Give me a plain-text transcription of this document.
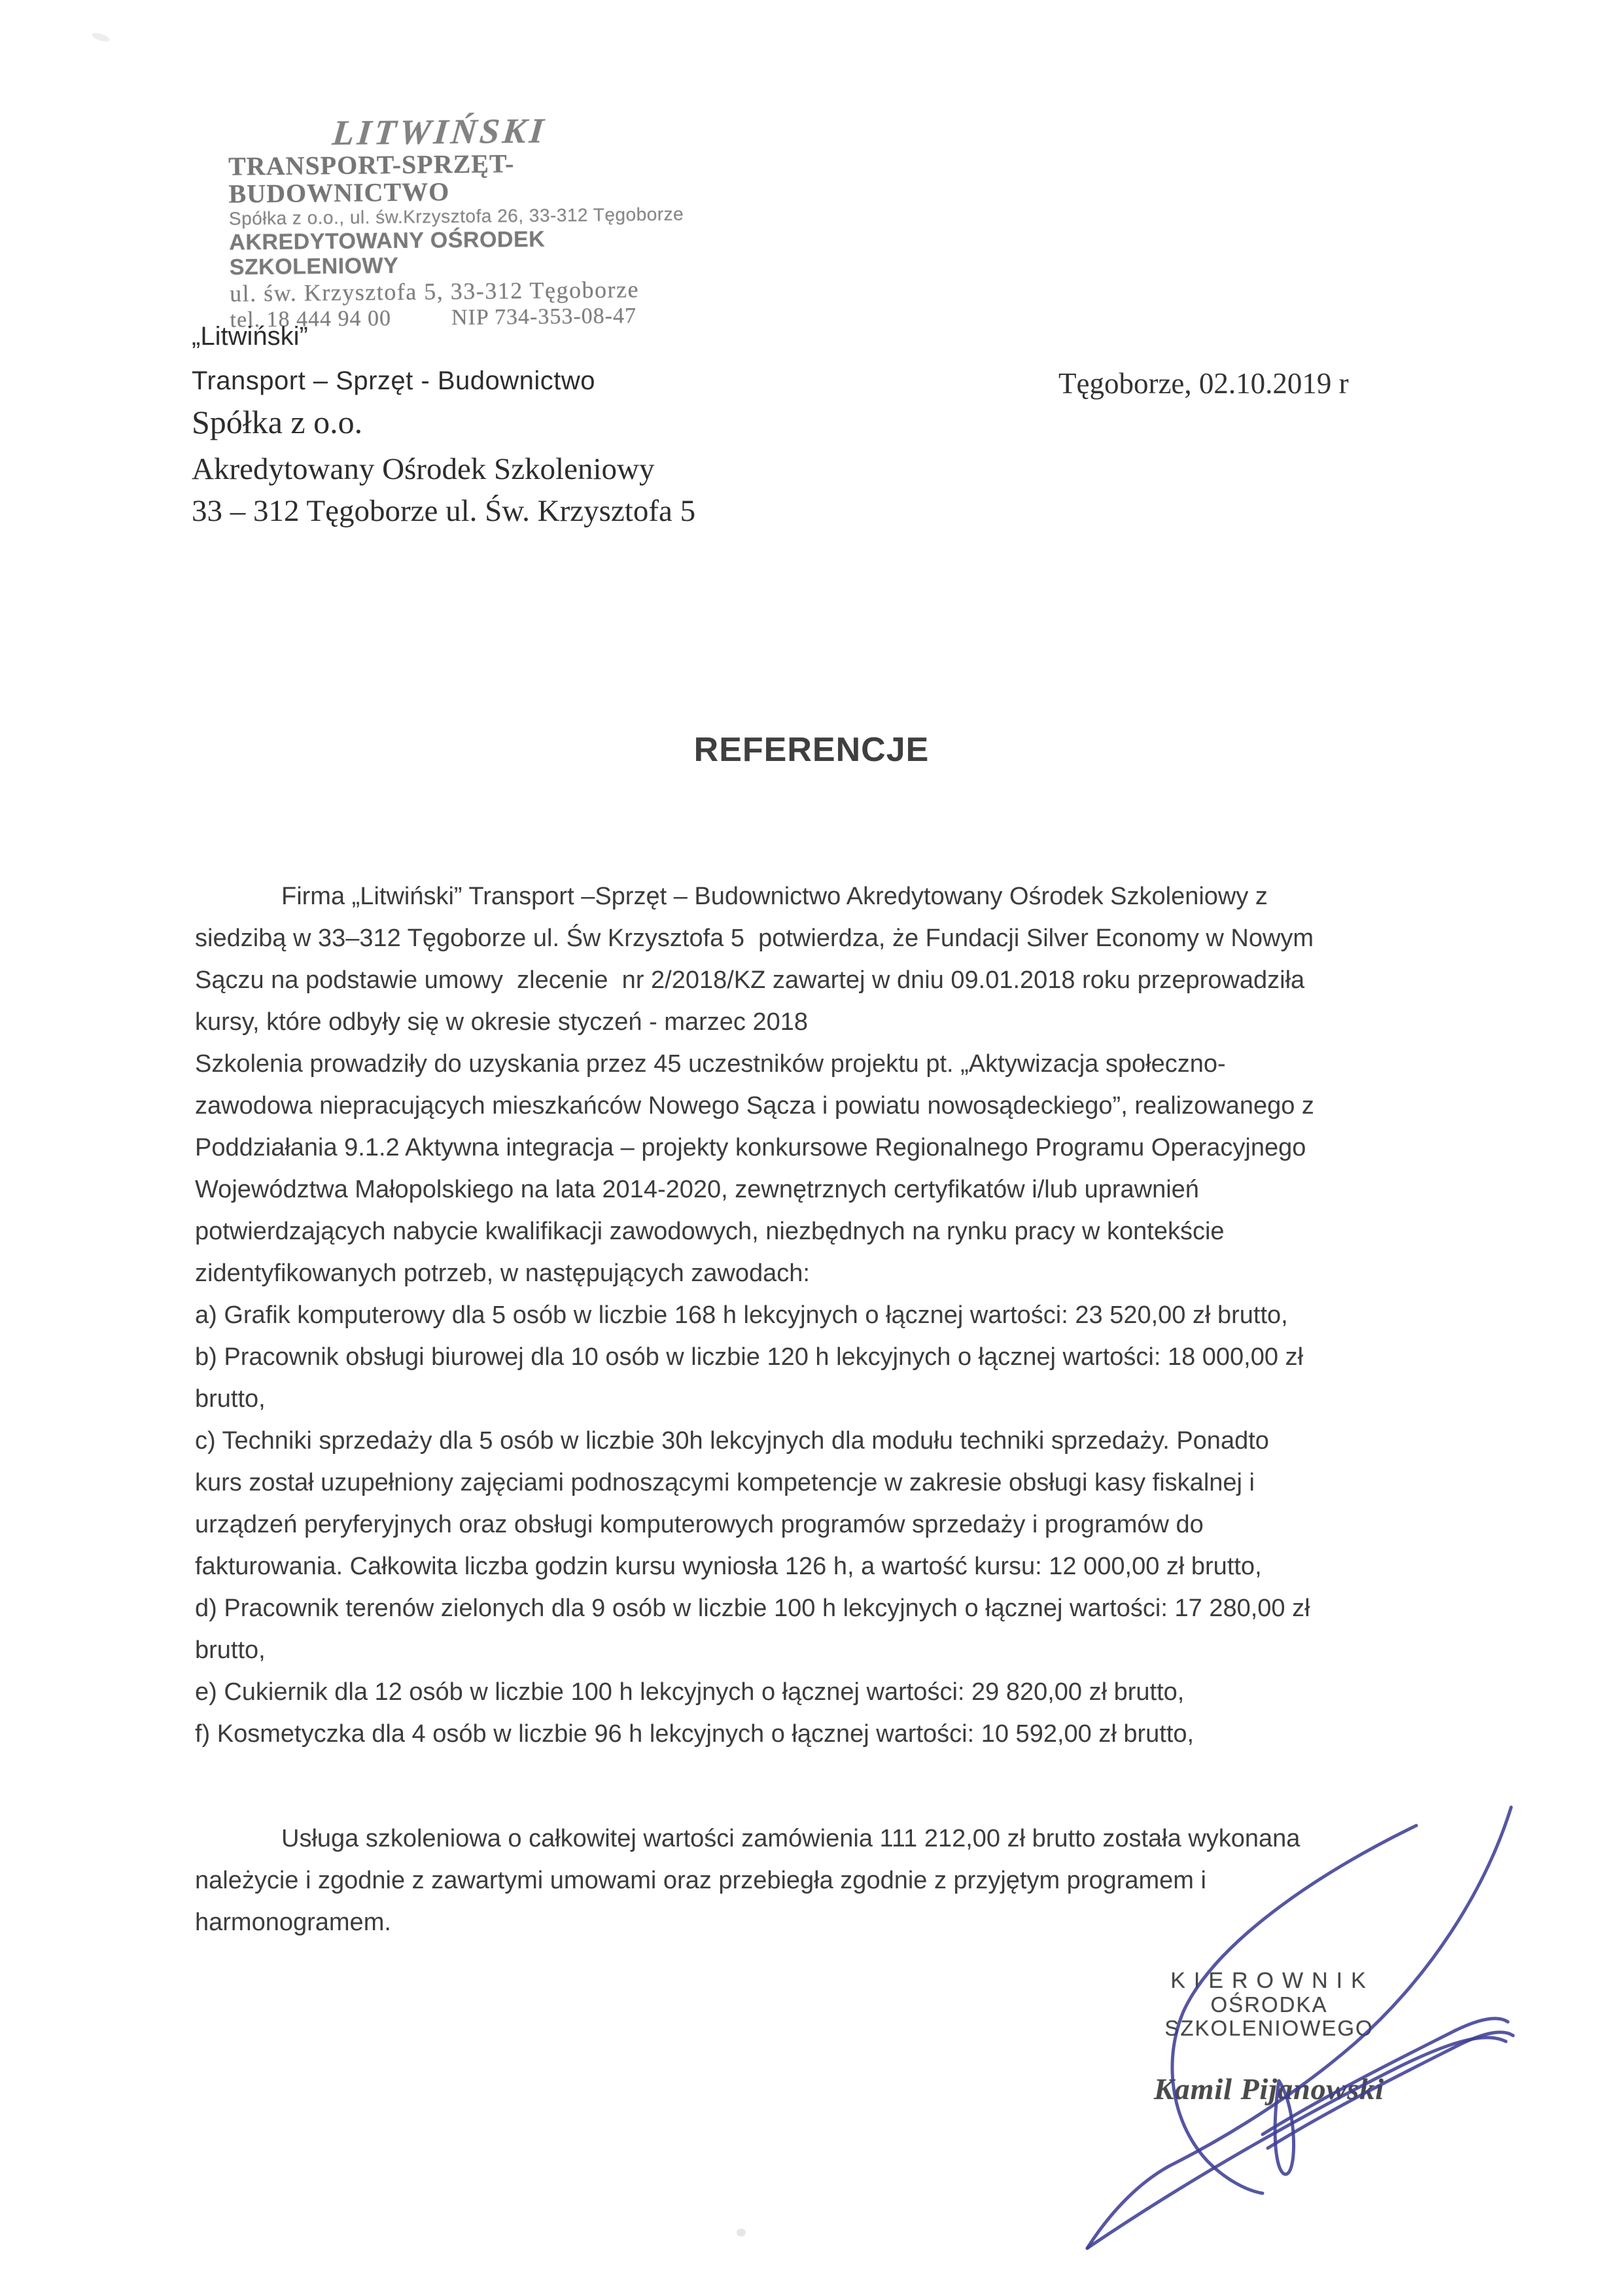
LITWIŃSKI
TRANSPORT-SPRZĘT-BUDOWNICTWO
Spółka z o.o., ul. św.Krzysztofa 26, 33-312 Tęgoborze
AKREDYTOWANY OŚRODEK SZKOLENIOWY
ul. św. Krzysztofa 5, 33-312 Tęgoborze
tel. 18 444 94 00	NIP 734-353-08-47
„Litwiński”
Transport – Sprzęt - Budownictwo
Spółka z o.o.
Akredytowany Ośrodek Szkoleniowy
33 – 312 Tęgoborze ul. Św. Krzysztofa 5
Tęgoborze, 02.10.2019 r
REFERENCJE
Firma „Litwiński” Transport –Sprzęt – Budownictwo Akredytowany Ośrodek Szkoleniowy z
siedzibą w 33–312 Tęgoborze ul. Św Krzysztofa 5  potwierdza, że Fundacji Silver Economy w Nowym
Sączu na podstawie umowy  zlecenie  nr 2/2018/KZ zawartej w dniu 09.01.2018 roku przeprowadziła
kursy, które odbyły się w okresie styczeń - marzec 2018
Szkolenia prowadziły do uzyskania przez 45 uczestników projektu pt. „Aktywizacja społeczno-
zawodowa niepracujących mieszkańców Nowego Sącza i powiatu nowosądeckiego”, realizowanego z
Poddziałania 9.1.2 Aktywna integracja – projekty konkursowe Regionalnego Programu Operacyjnego
Województwa Małopolskiego na lata 2014-2020, zewnętrznych certyfikatów i/lub uprawnień
potwierdzających nabycie kwalifikacji zawodowych, niezbędnych na rynku pracy w kontekście
zidentyfikowanych potrzeb, w następujących zawodach:
a) Grafik komputerowy dla 5 osób w liczbie 168 h lekcyjnych o łącznej wartości: 23 520,00 zł brutto,
b) Pracownik obsługi biurowej dla 10 osób w liczbie 120 h lekcyjnych o łącznej wartości: 18 000,00 zł
brutto,
c) Techniki sprzedaży dla 5 osób w liczbie 30h lekcyjnych dla modułu techniki sprzedaży. Ponadto
kurs został uzupełniony zajęciami podnoszącymi kompetencje w zakresie obsługi kasy fiskalnej i
urządzeń peryferyjnych oraz obsługi komputerowych programów sprzedaży i programów do
fakturowania. Całkowita liczba godzin kursu wyniosła 126 h, a wartość kursu: 12 000,00 zł brutto,
d) Pracownik terenów zielonych dla 9 osób w liczbie 100 h lekcyjnych o łącznej wartości: 17 280,00 zł
brutto,
e) Cukiernik dla 12 osób w liczbie 100 h lekcyjnych o łącznej wartości: 29 820,00 zł brutto,
f) Kosmetyczka dla 4 osób w liczbie 96 h lekcyjnych o łącznej wartości: 10 592,00 zł brutto,
Usługa szkoleniowa o całkowitej wartości zamówienia 111 212,00 zł brutto została wykonana
należycie i zgodnie z zawartymi umowami oraz przebiegła zgodnie z przyjętym programem i
harmonogramem.
KIEROWNIK
OŚRODKA SZKOLENIOWEGO
Kamil Pijanowski
